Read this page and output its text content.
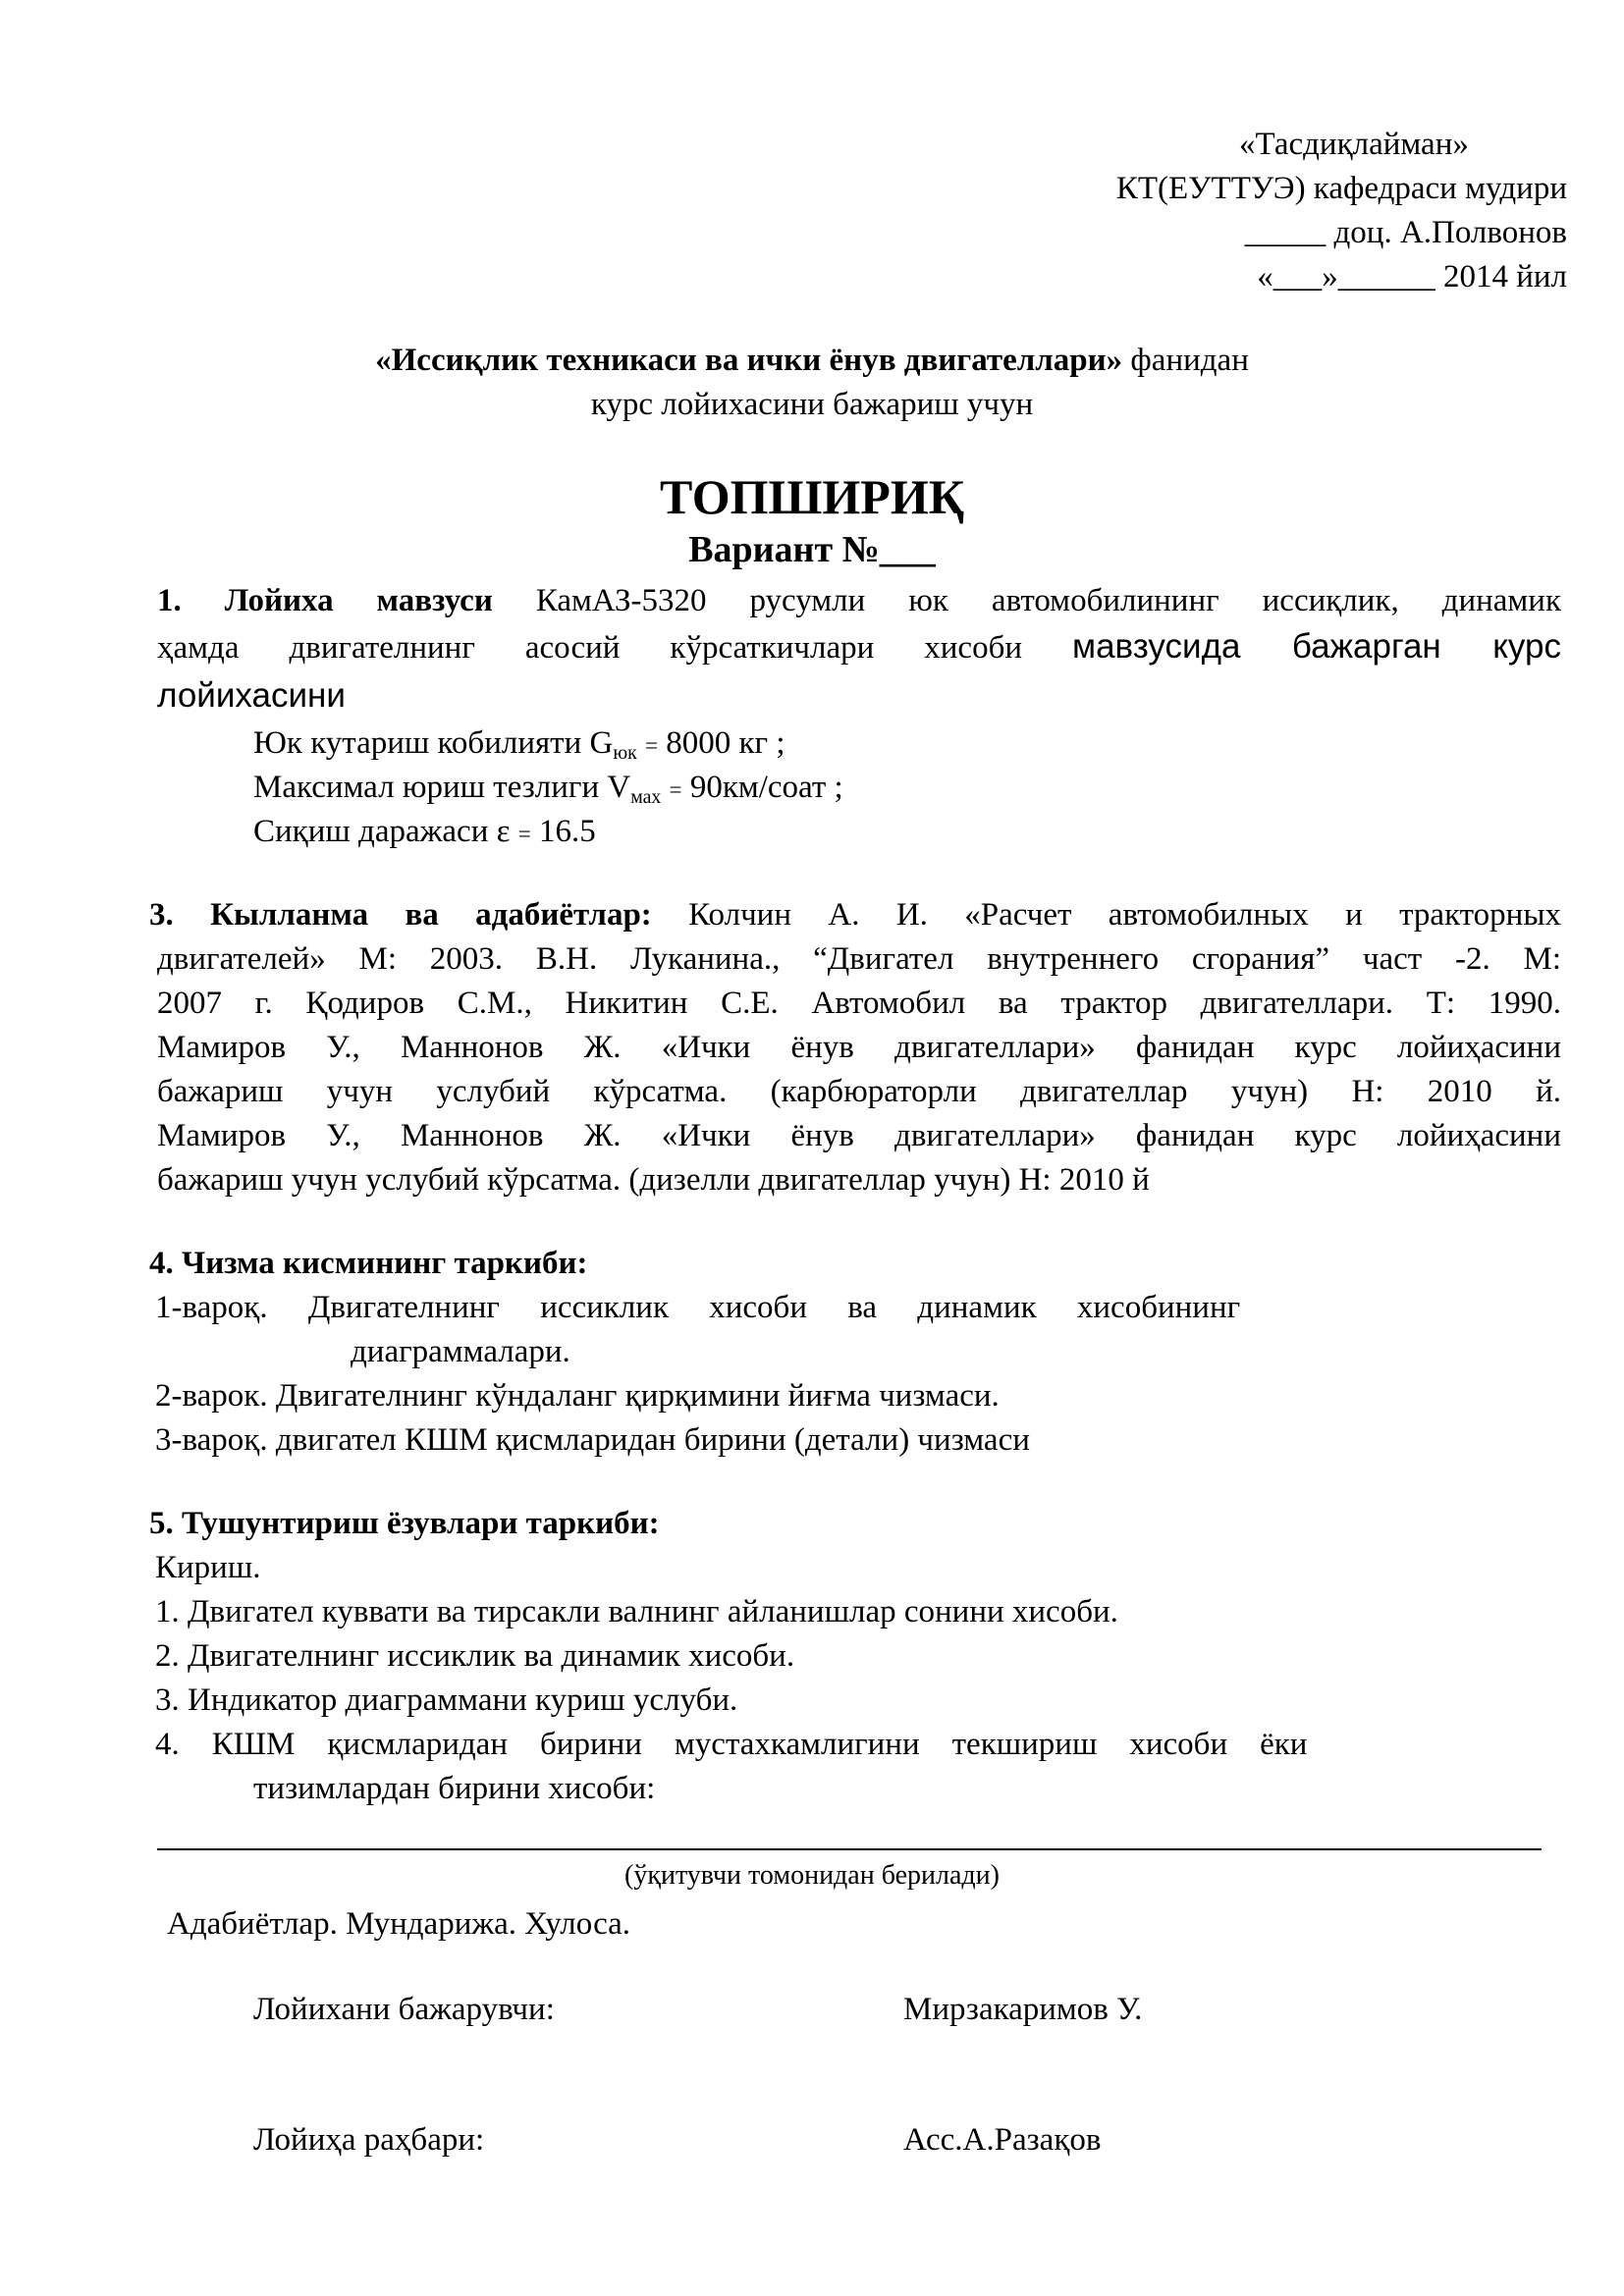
«Тасдиқлайман»
КТ(ЕУТТУЭ) кафедраси мудири
_____ доц. А.Полвонов
«___»______ 2014 йил
«Иссиқлик техникаси ва ички ёнув двигателлари» фанидан
курс лойихасини бажариш учун
ТОПШИРИҚ
Вариант №___
1. Лойиха мавзуси КамАЗ-5320 русумли юк автомобилининг иссиқлик, динамик
ҳамда двигателнинг асосий кўрсаткичлари хисоби мавзусида бажарган курс
лойихасини
Юк кутариш кобилияти $G_{юк} = 8000$ кг ;
Максимал юриш тезлиги $V_{мах}$ = 90км/соат ;
Сиқиш даражаси ε = 16.5
3. Кылланма ва адабиётлар: Колчин А. И. «Расчет автомобилных и тракторных
двигателей» М: 2003. В.Н. Луканина., “Двигател внутреннего сгорания” част -2. М:
2007 г. Қодиров С.М., Никитин С.Е. Автомобил ва трактор двигателлари. Т: 1990.
Мамиров У., Маннонов Ж. «Ички ёнув двигателлари» фанидан курс лойиҳасини
бажариш учун услубий кўрсатма. (карбюраторли двигателлар учун) Н: 2010 й.
Мамиров У., Маннонов Ж. «Ички ёнув двигателлари» фанидан курс лойиҳасини
бажариш учун услубий кўрсатма. (дизелли двигателлар учун) Н: 2010 й
4. Чизма кисмининг таркиби:
1-вароқ.     Двигателнинг     иссиклик     хисоби     ва     динамик     хисобининг
диаграммалари.
2-варок. Двигателнинг кўндаланг қирқимини йиғма чизмаси.
3-вароқ. двигател КШМ қисмларидан бирини (детали) чизмаси
5. Тушунтириш ёзувлари таркиби:
Кириш.
1. Двигател куввати ва тирсакли валнинг айланишлар сонини хисоби.
2. Двигателнинг иссиклик ва динамик хисоби.
3. Индикатор диаграммани куриш услуби.
4.    КШМ    қисмларидан    бирини    мустахкамлигини    текшириш    хисоби    ёки
тизимлардан бирини хисоби:
(ўқитувчи томонидан берилади)
Адабиётлар. Мундарижа. Хулоса.
Лойихани бажарувчи:	Мирзакаримов У.
Лойиҳа раҳбари:	Асс.А.Разақов
